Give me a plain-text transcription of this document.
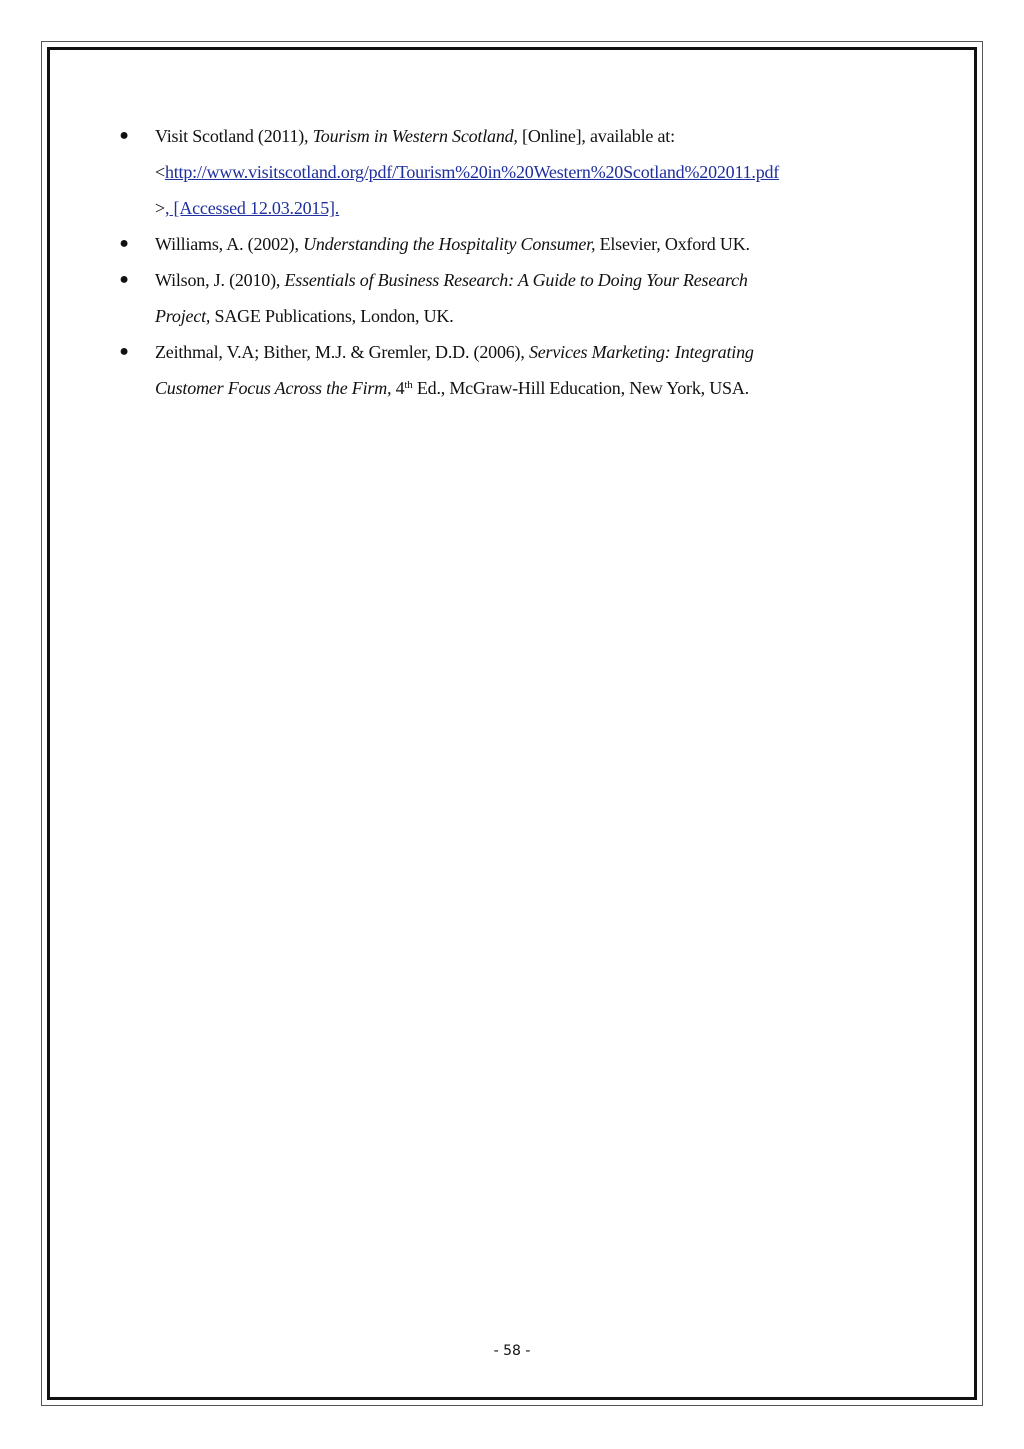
● Visit Scotland (2011), Tourism in Western Scotland, [Online], available at:
<http://www.visitscotland.org/pdf/Tourism%20in%20Western%20Scotland%202011.pdf
>, [Accessed 12.03.2015].
● Williams, A. (2002), Understanding the Hospitality Consumer, Elsevier, Oxford UK.
● Wilson, J. (2010), Essentials of Business Research: A Guide to Doing Your Research
Project, SAGE Publications, London, UK.
● Zeithmal, V.A; Bither, M.J. & Gremler, D.D. (2006), Services Marketing: Integrating
Customer Focus Across the Firm, 4th Ed., McGraw-Hill Education, New York, USA.
- 58 -
